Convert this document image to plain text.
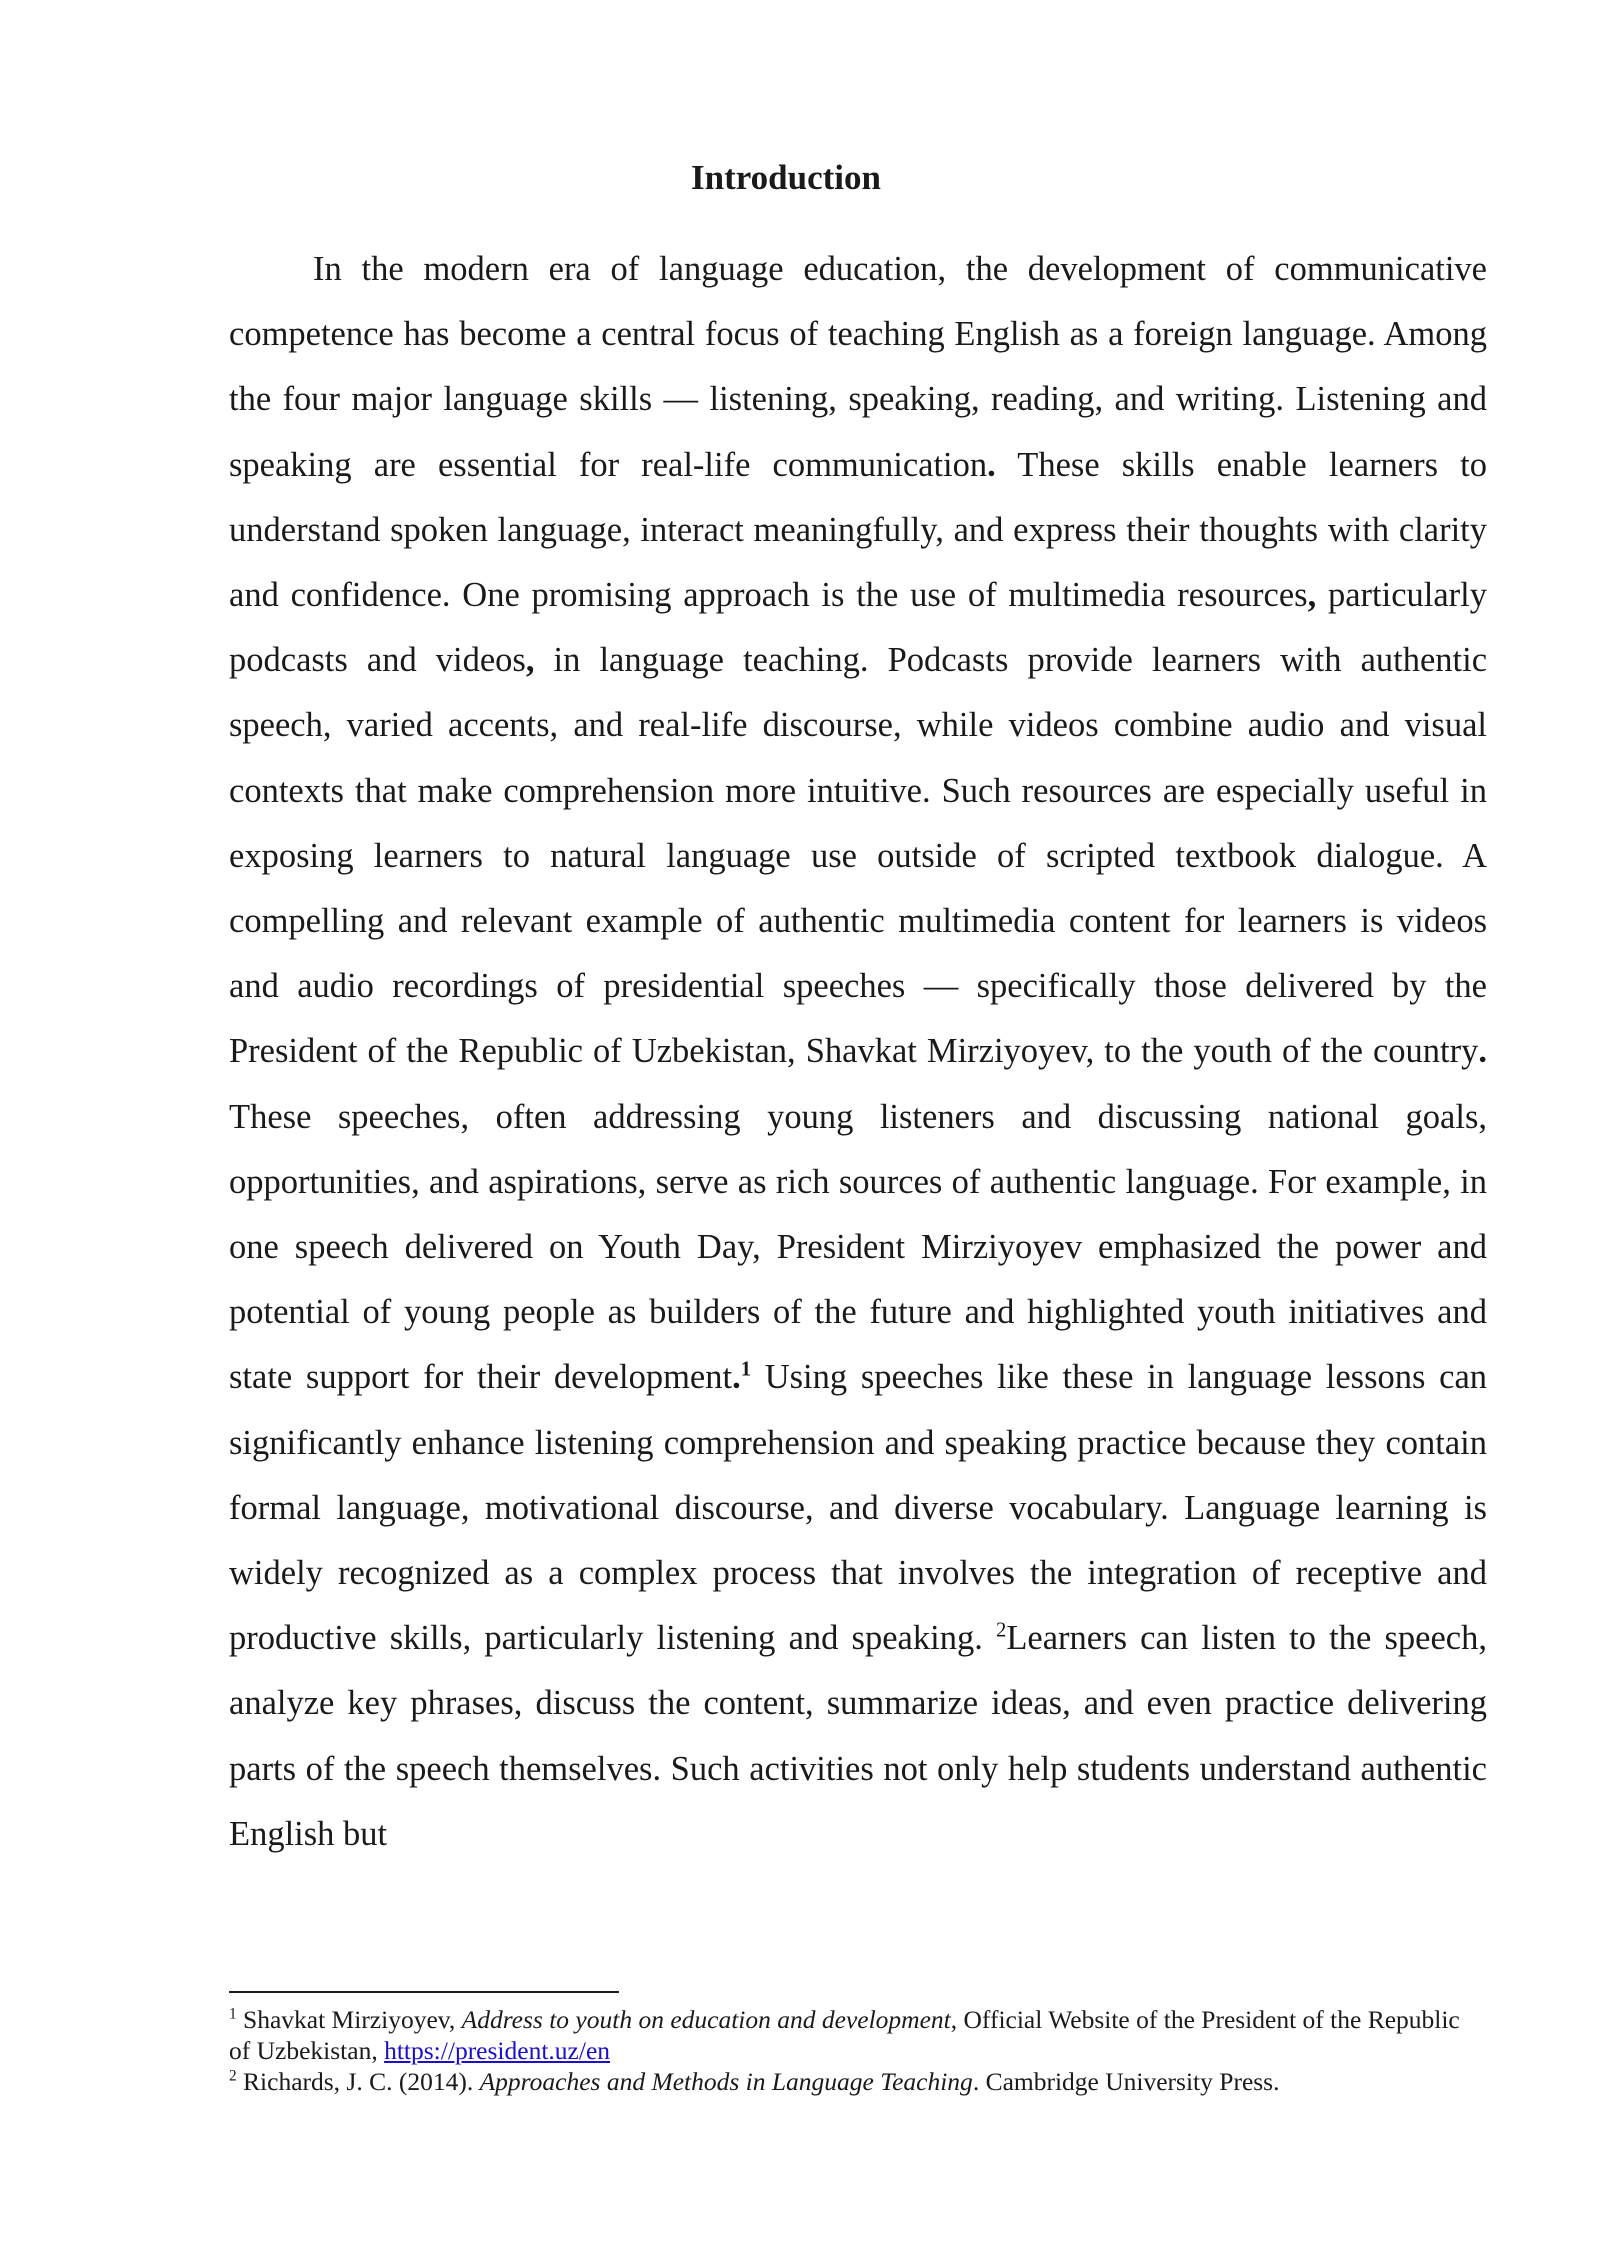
Introduction

In the modern era of language education, the development of communicative competence has become a central focus of teaching English as a foreign language. Among the four major language skills — listening, speaking, reading, and writing. Listening and speaking are essential for real-life communication. These skills enable learners to understand spoken language, interact meaningfully, and express their thoughts with clarity and confidence. One promising approach is the use of multimedia resources, particularly podcasts and videos, in language teaching. Podcasts provide learners with authentic speech, varied accents, and real-life discourse, while videos combine audio and visual contexts that make comprehension more intuitive. Such resources are especially useful in exposing learners to natural language use outside of scripted textbook dialogue. A compelling and relevant example of authentic multimedia content for learners is videos and audio recordings of presidential speeches — specifically those delivered by the President of the Republic of Uzbekistan, Shavkat Mirziyoyev, to the youth of the country. These speeches, often addressing young listeners and discussing national goals, opportunities, and aspirations, serve as rich sources of authentic language. For example, in one speech delivered on Youth Day, President Mirziyoyev emphasized the power and potential of young people as builders of the future and highlighted youth initiatives and state support for their development.$^1$ Using speeches like these in language lessons can significantly enhance listening comprehension and speaking practice because they contain formal language, motivational discourse, and diverse vocabulary. Language learning is widely recognized as a complex process that involves the integration of receptive and productive skills, particularly listening and speaking. $^2$Learners can listen to the speech, analyze key phrases, discuss the content, summarize ideas, and even practice delivering parts of the speech themselves. Such activities not only help students understand authentic English but

$^1$ Shavkat Mirziyoyev, Address to youth on education and development, Official Website of the President of the Republic of Uzbekistan, https://president.uz/en

$^2$ Richards, J. C. (2014). Approaches and Methods in Language Teaching. Cambridge University Press.
